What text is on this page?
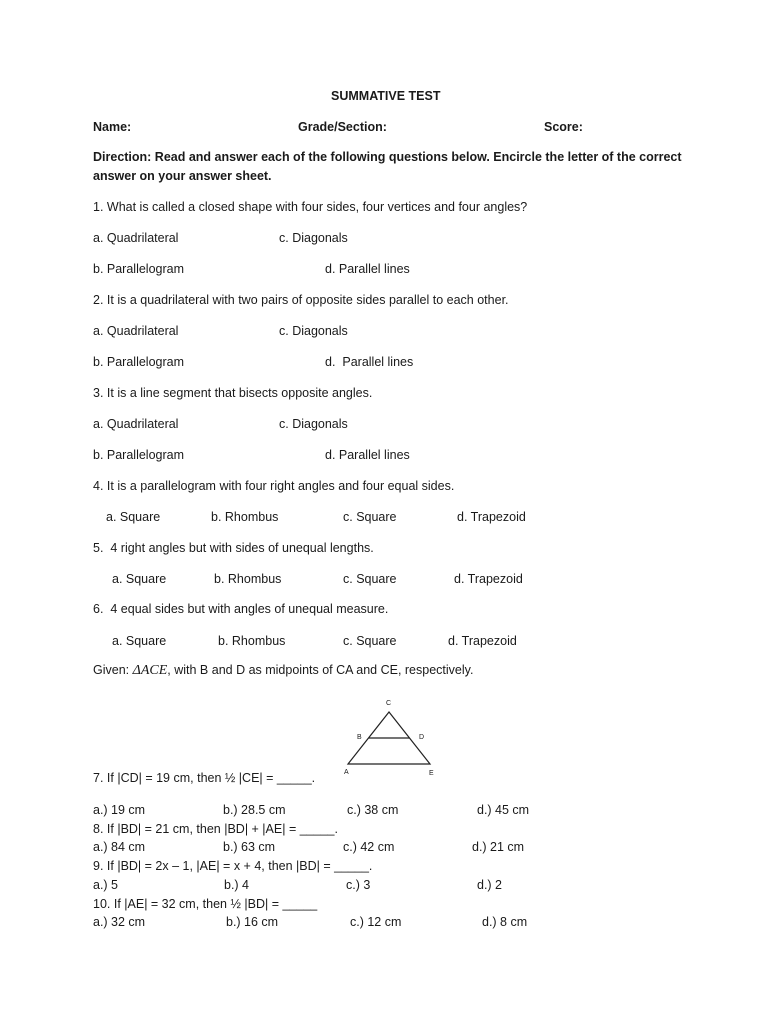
SUMMATIVE TEST
Name:	Grade/Section:	Score:
Direction: Read and answer each of the following questions below. Encircle the letter of the correct answer on your answer sheet.
1. What is called a closed shape with four sides, four vertices and four angles?
a. Quadrilateral	c. Diagonals
b. Parallelogram	d. Parallel lines
2. It is a quadrilateral with two pairs of opposite sides parallel to each other.
a. Quadrilateral	c. Diagonals
b. Parallelogram	d.  Parallel lines
3. It is a line segment that bisects opposite angles.
a. Quadrilateral	c. Diagonals
b. Parallelogram	d. Parallel lines
4. It is a parallelogram with four right angles and four equal sides.
a. Square	b. Rhombus	c. Square	d. Trapezoid
5.  4 right angles but with sides of unequal lengths.
a. Square	b. Rhombus	c. Square	d. Trapezoid
6.  4 equal sides but with angles of unequal measure.
a. Square	b. Rhombus	c. Square	d. Trapezoid
Given: ΔACE, with B and D as midpoints of CA and CE, respectively.
C
B	D
A	E
7. If |CD| = 19 cm, then ½ |CE| = _____.
a.) 19 cm	b.) 28.5 cm	c.) 38 cm	d.) 45 cm
8. If |BD| = 21 cm, then |BD| + |AE| = _____.
a.) 84 cm	b.) 63 cm	c.) 42 cm	d.) 21 cm
9. If |BD| = 2x – 1, |AE| = x + 4, then |BD| = _____.
a.) 5	b.) 4	c.) 3	d.) 2
10. If |AE| = 32 cm, then ½ |BD| = _____
a.) 32 cm	b.) 16 cm	c.) 12 cm	d.) 8 cm
